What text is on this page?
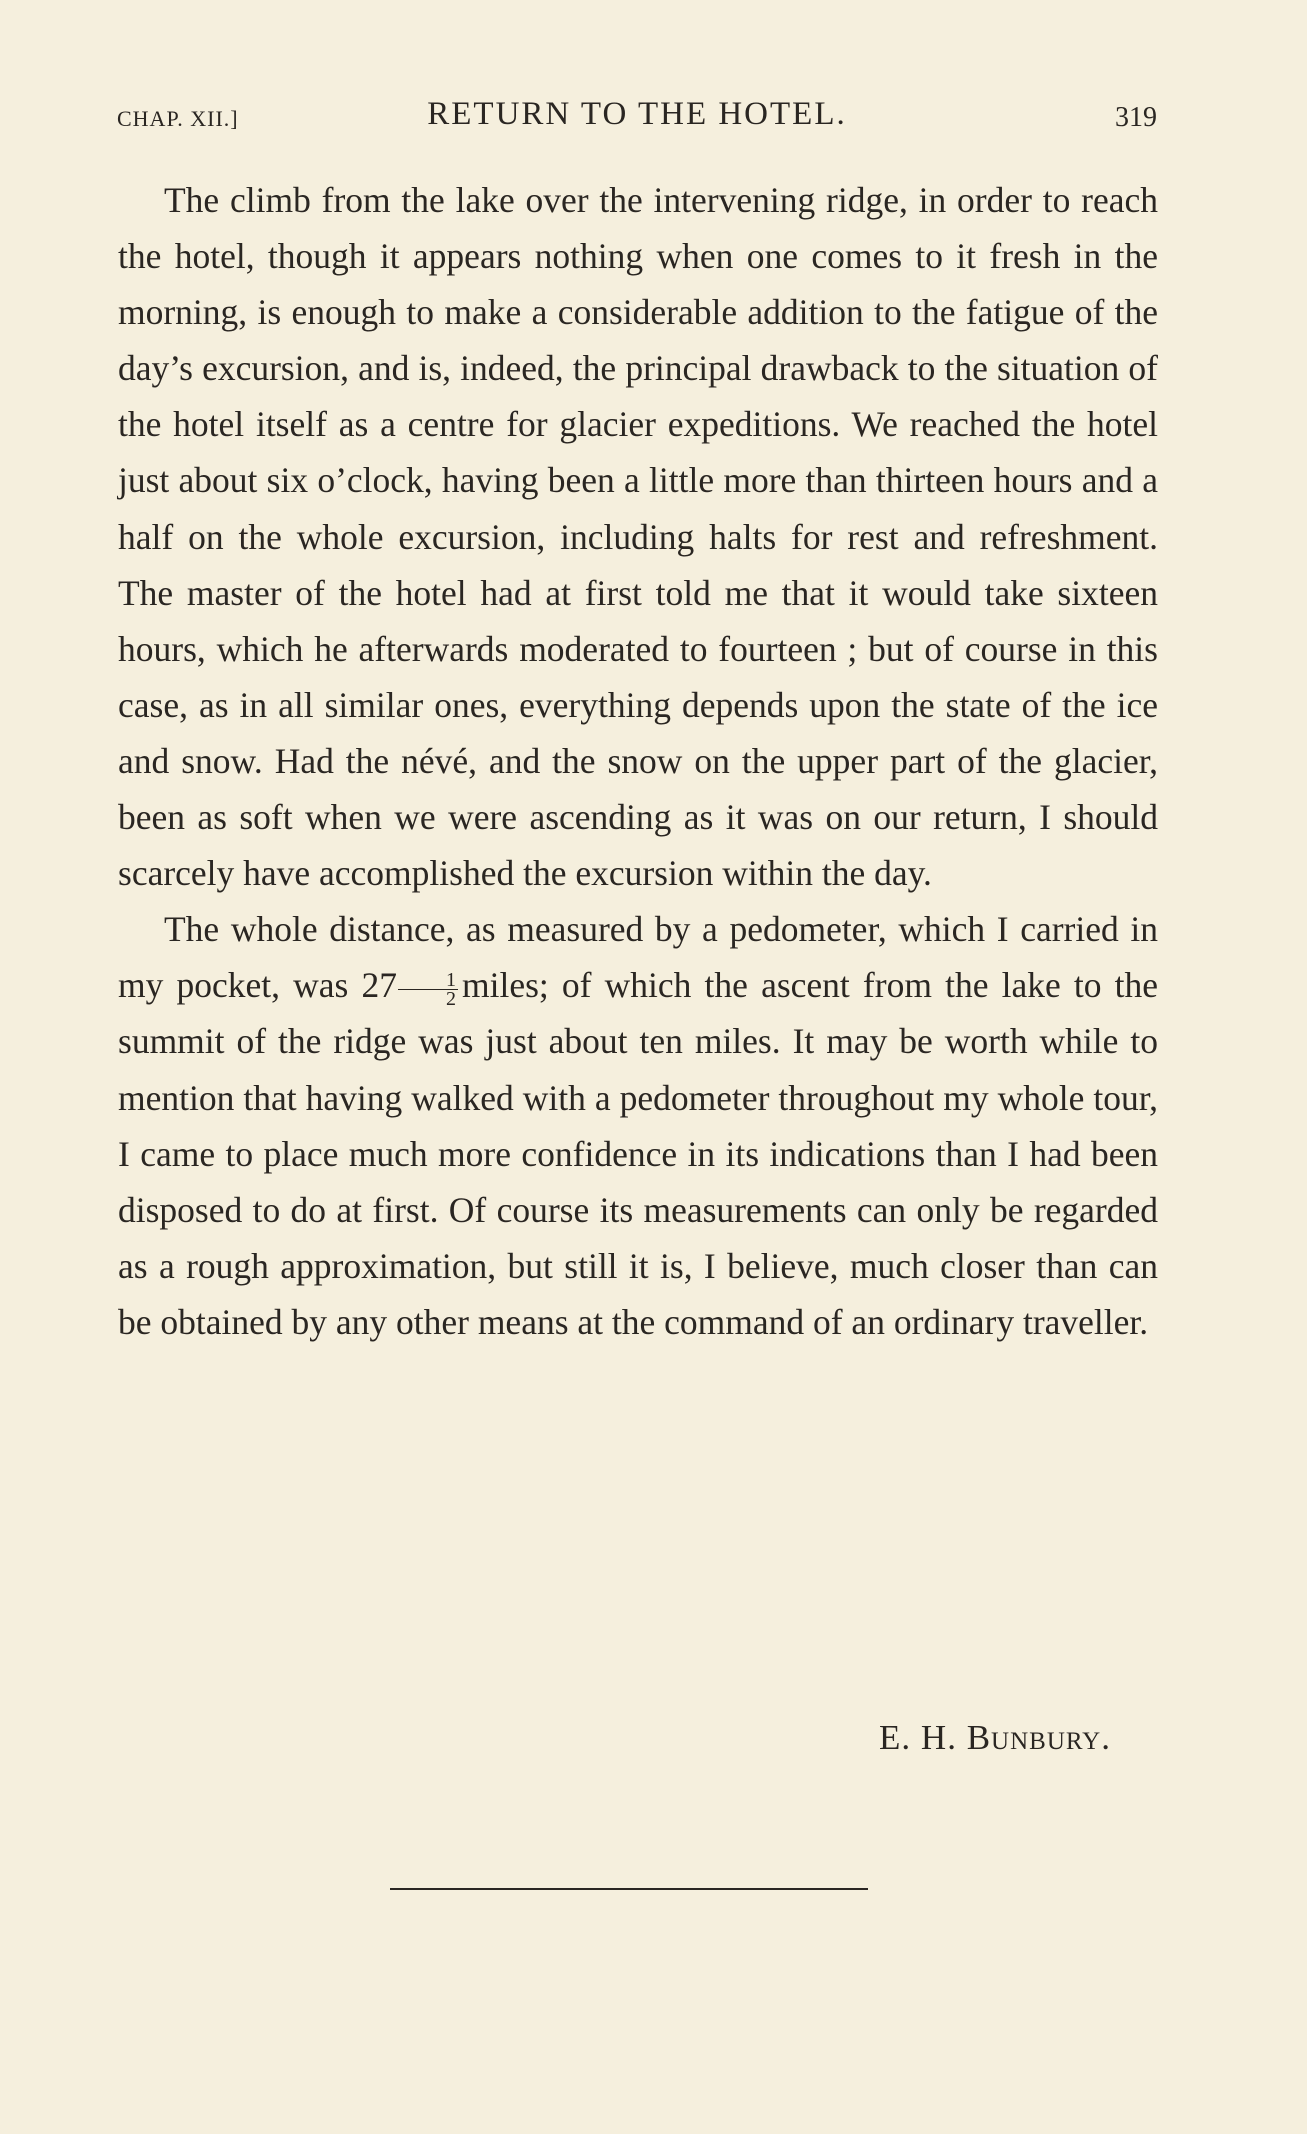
CHAP. XII.]	RETURN TO THE HOTEL.	319

The climb from the lake over the intervening ridge, in order to reach the hotel, though it appears nothing when one comes to it fresh in the morning, is enough to make a considerable addition to the fatigue of the day’s excursion, and is, indeed, the principal drawback to the situation of the hotel itself as a centre for glacier expeditions. We reached the hotel just about six o’clock, having been a little more than thirteen hours and a half on the whole excursion, including halts for rest and refreshment. The master of the hotel had at first told me that it would take sixteen hours, which he afterwards moderated to fourteen ; but of course in this case, as in all similar ones, everything depends upon the state of the ice and snow. Had the névé, and the snow on the upper part of the glacier, been as soft when we were ascending as it was on our return, I should scarcely have accomplished the excursion within the day.

The whole distance, as measured by a pedometer, which I carried in my pocket, was $27 \frac{1}{2}$ miles; of which the ascent from the lake to the summit of the ridge was just about ten miles. It may be worth while to mention that having walked with a pedometer throughout my whole tour, I came to place much more confidence in its indications than I had been disposed to do at first. Of course its measurements can only be regarded as a rough approximation, but still it is, I believe, much closer than can be obtained by any other means at the command of an ordinary traveller.

E. H. Bunbury.
